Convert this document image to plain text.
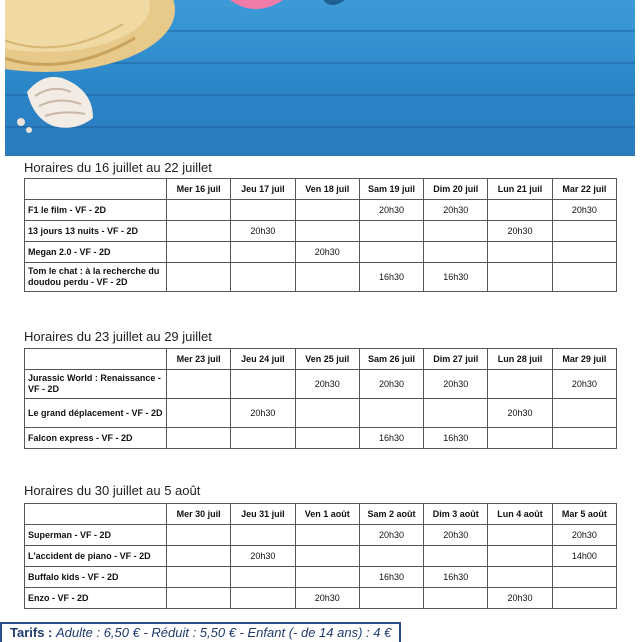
Horaires du 16 juillet au 22 juillet
	Mer 16 juil	Jeu 17 juil	Ven 18 juil	Sam 19 juil	Dim 20 juil	Lun 21 juil	Mar 22 juil
F1 le film - VF - 2D				20h30	20h30		20h30
13 jours 13 nuits - VF - 2D		20h30				20h30	
Megan 2.0 - VF - 2D			20h30				
Tom le chat : à la recherche du doudou perdu - VF - 2D				16h30	16h30		
Horaires du 23 juillet au 29 juillet
	Mer 23 juil	Jeu 24 juil	Ven 25 juil	Sam 26 juil	Dim 27 juil	Lun 28 juil	Mar 29 juil
Jurassic World : Renaissance - VF - 2D			20h30	20h30	20h30		20h30
Le grand déplacement - VF - 2D		20h30				20h30	
Falcon express - VF - 2D				16h30	16h30		
Horaires du 30 juillet au 5 août
	Mer 30 juil	Jeu 31 juil	Ven 1 août	Sam 2 août	Dim 3 août	Lun 4 août	Mar 5 août
Superman - VF - 2D				20h30	20h30		20h30
L'accident de piano - VF - 2D		20h30					14h00
Buffalo kids - VF - 2D				16h30	16h30		
Enzo - VF - 2D			20h30			20h30	
Tarifs : Adulte : 6,50 € - Réduit : 5,50 € - Enfant (- de 14 ans) : 4 €
